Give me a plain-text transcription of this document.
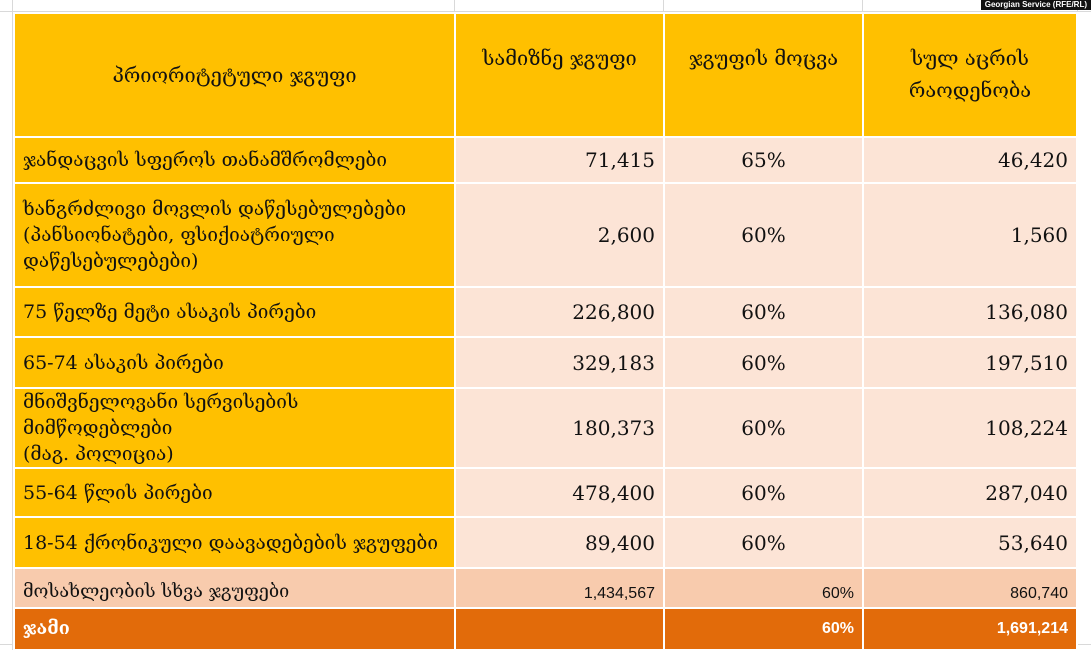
Georgian Service (RFE/RL)
პრიორიტეტული ჯგუფი	სამიზნე ჯგუფი	ჯგუფის მოცვა	სულ აცრის
რაოდენობა

ჯანდაცვის სფეროს თანამშრომლები	71,415	65%	46,420

ხანგრძლივი მოვლის დაწესებულებები
(პანსიონატები, ფსიქიატრიული
დაწესებულებები)	2,600	60%	1,560

75 წელზე მეტი ასაკის პირები	226,800	60%	136,080

65-74 ასაკის პირები	329,183	60%	197,510

მნიშვნელოვანი სერვისების მიმწოდებლები
(მაგ. პოლიცია)	180,373	60%	108,224

55-64 წლის პირები	478,400	60%	287,040

18-54 ქრონიკული დაავადებების ჯგუფები	89,400	60%	53,640
მოსახლეობის სხვა ჯგუფები	1,434,567	60%	860,740
ჯამი		60%	1,691,214
